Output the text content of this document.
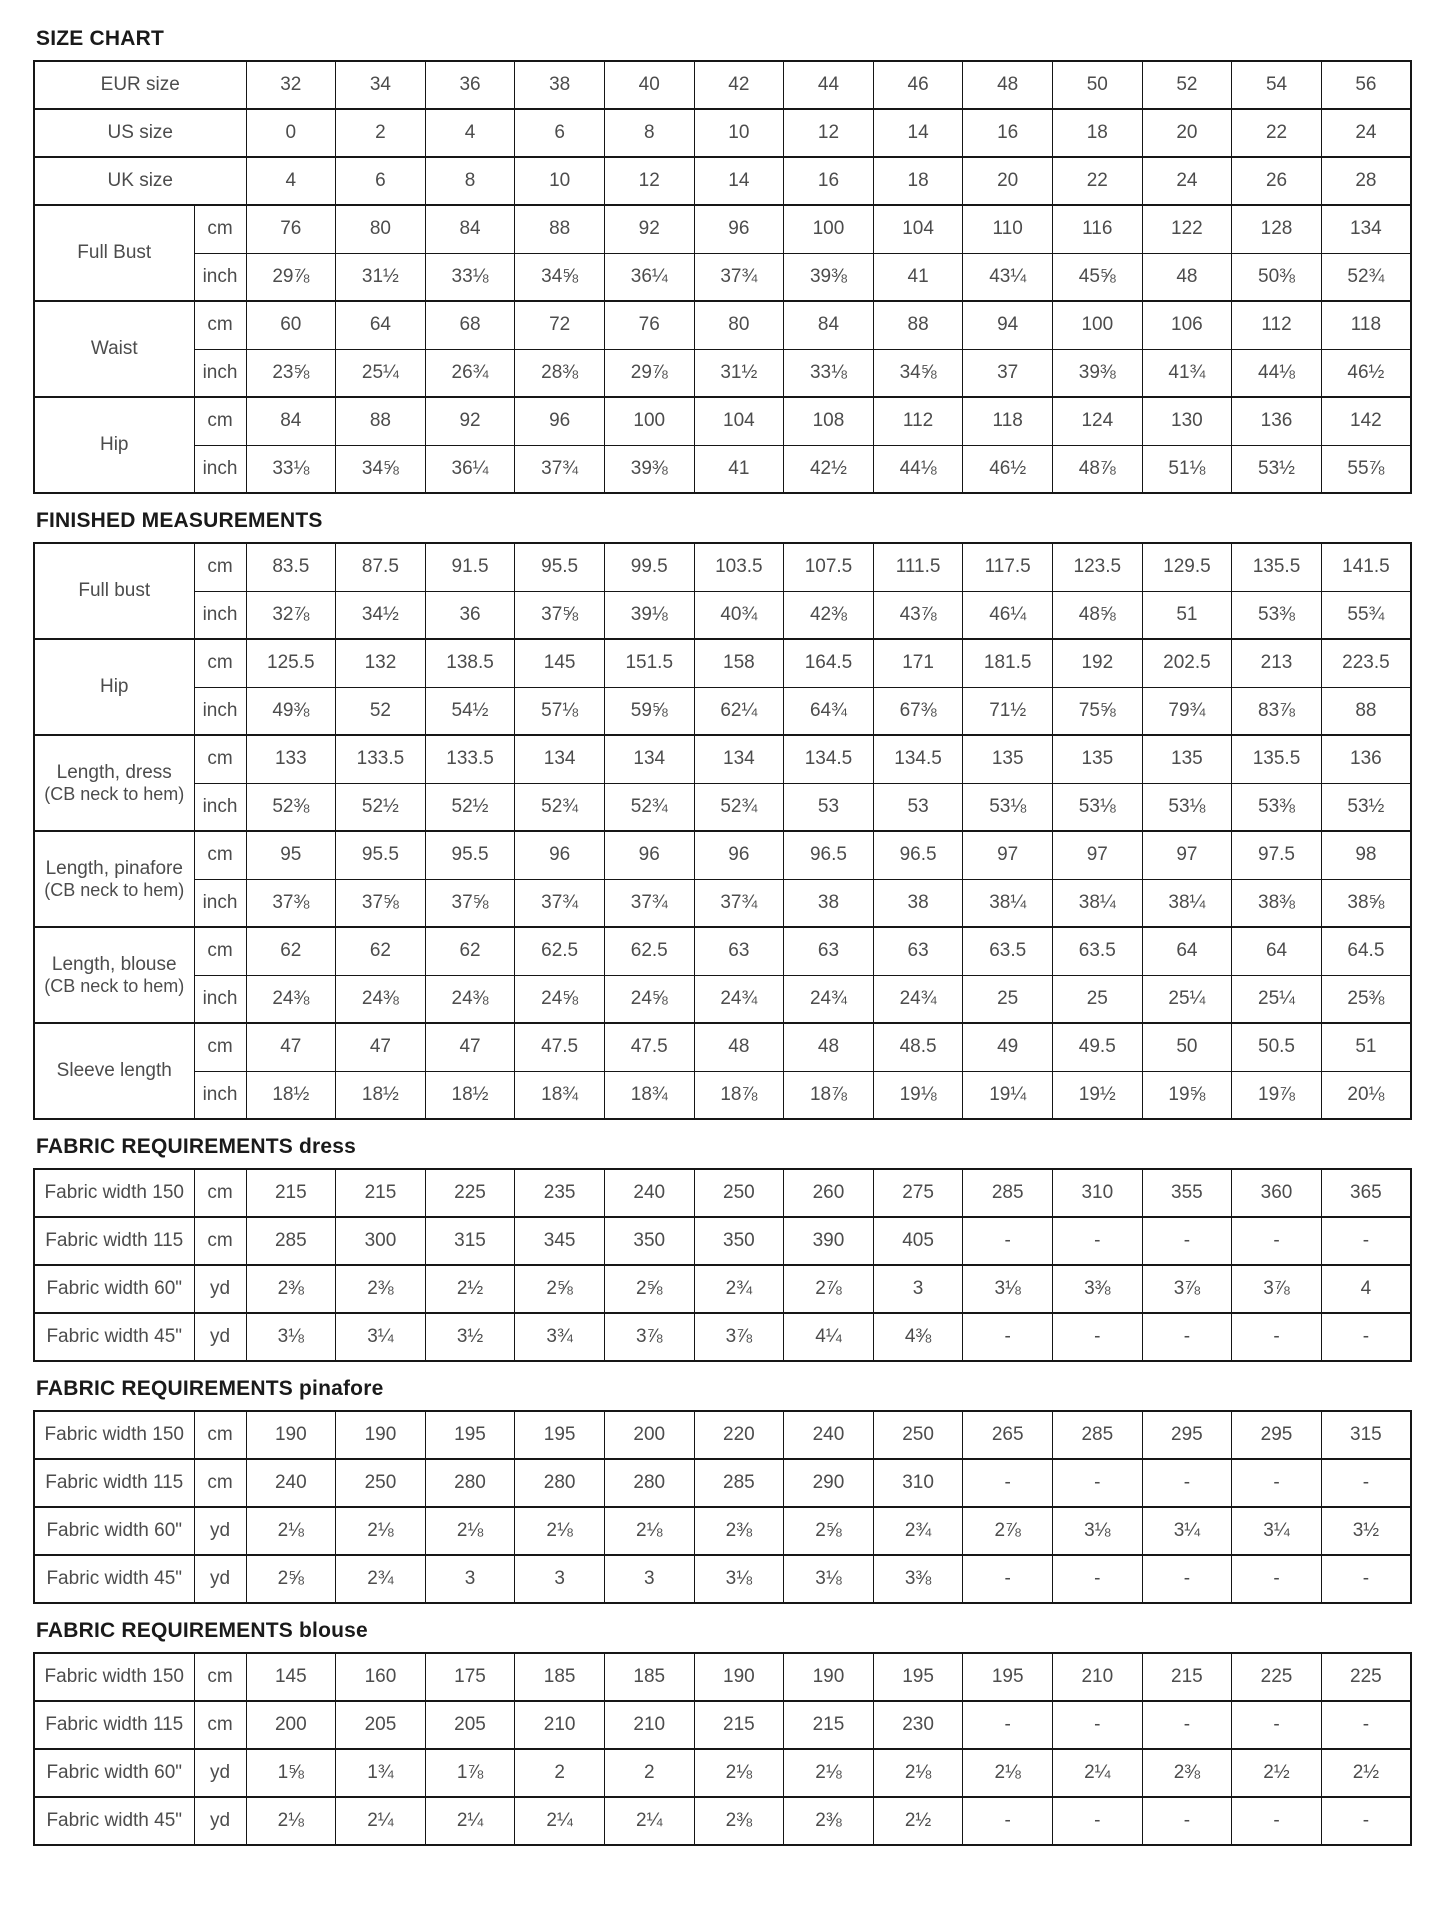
SIZE CHART
EUR size		32	34	36	38	40	42	44	46	48	50	52	54	56
US size		0	2	4	6	8	10	12	14	16	18	20	22	24
UK size		4	6	8	10	12	14	16	18	20	22	24	26	28

Full Bust	cm	76	80	84	88	92	96	100	104	110	116	122	128	134
	inch	29⅞	31½	33⅛	34⅝	36¼	37¾	39⅜	41	43¼	45⅝	48	50⅜	52¾

Waist	cm	60	64	68	72	76	80	84	88	94	100	106	112	118
	inch	23⅝	25¼	26¾	28⅜	29⅞	31½	33⅛	34⅝	37	39⅜	41¾	44⅛	46½

Hip	cm	84	88	92	96	100	104	108	112	118	124	130	136	142
	inch	33⅛	34⅝	36¼	37¾	39⅜	41	42½	44⅛	46½	48⅞	51⅛	53½	55⅞
FINISHED MEASUREMENTS
Full bust	cm	83.5	87.5	91.5	95.5	99.5	103.5	107.5	111.5	117.5	123.5	129.5	135.5	141.5
	inch	32⅞	34½	36	37⅝	39⅛	40¾	42⅜	43⅞	46¼	48⅝	51	53⅜	55¾

Hip	cm	125.5	132	138.5	145	151.5	158	164.5	171	181.5	192	202.5	213	223.5
	inch	49⅜	52	54½	57⅛	59⅝	62¼	64¾	67⅜	71½	75⅝	79¾	83⅞	88

Length, dress
(CB neck to hem)	cm	133	133.5	133.5	134	134	134	134.5	134.5	135	135	135	135.5	136
	inch	52⅜	52½	52½	52¾	52¾	52¾	53	53	53⅛	53⅛	53⅛	53⅜	53½

Length, pinafore
(CB neck to hem)	cm	95	95.5	95.5	96	96	96	96.5	96.5	97	97	97	97.5	98
	inch	37⅜	37⅝	37⅝	37¾	37¾	37¾	38	38	38¼	38¼	38¼	38⅜	38⅝

Length, blouse
(CB neck to hem)	cm	62	62	62	62.5	62.5	63	63	63	63.5	63.5	64	64	64.5
	inch	24⅜	24⅜	24⅜	24⅝	24⅝	24¾	24¾	24¾	25	25	25¼	25¼	25⅜

Sleeve length	cm	47	47	47	47.5	47.5	48	48	48.5	49	49.5	50	50.5	51
	inch	18½	18½	18½	18¾	18¾	18⅞	18⅞	19⅛	19¼	19½	19⅝	19⅞	20⅛
FABRIC REQUIREMENTS dress
Fabric width 150	cm	215	215	225	235	240	250	260	275	285	310	355	360	365
Fabric width 115	cm	285	300	315	345	350	350	390	405	-	-	-	-	-
Fabric width 60"	yd	2⅜	2⅜	2½	2⅝	2⅝	2¾	2⅞	3	3⅛	3⅜	3⅞	3⅞	4
Fabric width 45"	yd	3⅛	3¼	3½	3¾	3⅞	3⅞	4¼	4⅜	-	-	-	-	-
FABRIC REQUIREMENTS pinafore
Fabric width 150	cm	190	190	195	195	200	220	240	250	265	285	295	295	315
Fabric width 115	cm	240	250	280	280	280	285	290	310	-	-	-	-	-
Fabric width 60"	yd	2⅛	2⅛	2⅛	2⅛	2⅛	2⅜	2⅝	2¾	2⅞	3⅛	3¼	3¼	3½
Fabric width 45"	yd	2⅝	2¾	3	3	3	3⅛	3⅛	3⅜	-	-	-	-	-
FABRIC REQUIREMENTS blouse
Fabric width 150	cm	145	160	175	185	185	190	190	195	195	210	215	225	225
Fabric width 115	cm	200	205	205	210	210	215	215	230	-	-	-	-	-
Fabric width 60"	yd	1⅝	1¾	1⅞	2	2	2⅛	2⅛	2⅛	2⅛	2¼	2⅜	2½	2½
Fabric width 45"	yd	2⅛	2¼	2¼	2¼	2¼	2⅜	2⅜	2½	-	-	-	-	-
